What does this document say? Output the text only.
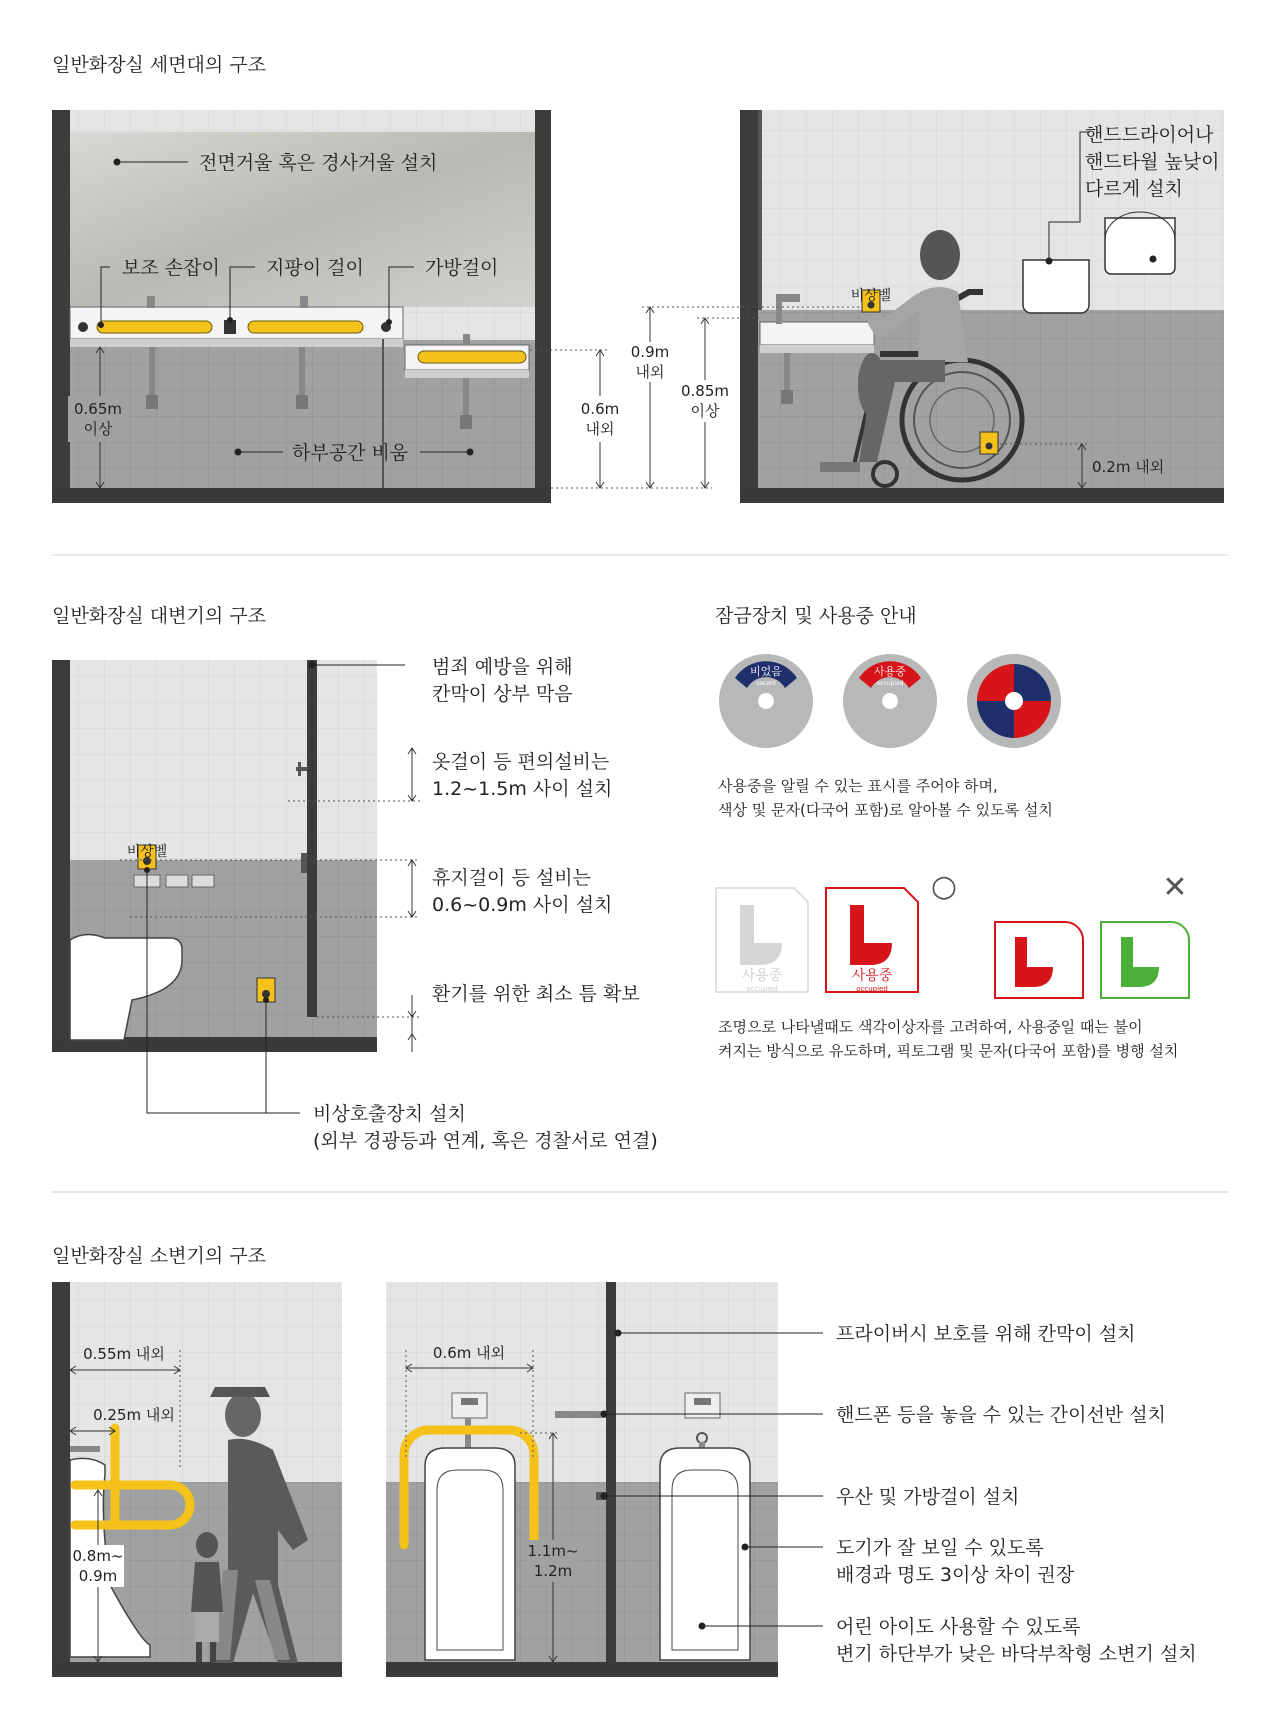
일반화장실 세면대의 구조
일반화장실 대변기의 구조	잠금장치 및 사용중 안내
일반화장실 소변기의 구조
0.65m
이상
0.6m
내외
전면거울 혹은 경사거울 설치
보조 손잡이 지팡이 걸이	가방걸이
하부공간 비움
0.9m
내외
0.85m
이상
비상벨
0.2m 내외
핸드드라이어나
핸드타월 높낮이
다르게 설치
비상벨
범죄 예방을 위해
칸막이 상부 막음
옷걸이 등 편의설비는
1.2~1.5m 사이 설치
휴지걸이 등 설비는
0.6~0.9m 사이 설치
환기를 위한 최소 틈 확보
비상호출장치 설치
(외부 경광등과 연계, 혹은 경찰서로 연결)
비었음
vacant
사용중
occupied
사용중을 알릴 수 있는 표시를 주어야 하며,
색상 및 문자(다국어 포함)로 알아볼 수 있도록 설치
사용중
occupied
사용중
occupied
○	✕
조명으로 나타낼때도 색각이상자를 고려하여, 사용중일 때는 불이
켜지는 방식으로 유도하며, 픽토그램 및 문자(다국어 포함)를 병행 설치
0.55m 내외
0.25m 내외
0.8m~
0.9m
0.6m 내외
1.1m~
1.2m
프라이버시 보호를 위해 칸막이 설치
핸드폰 등을 놓을 수 있는 간이선반 설치
우산 및 가방걸이 설치
도기가 잘 보일 수 있도록
배경과 명도 3이상 차이 권장
어린 아이도 사용할 수 있도록
변기 하단부가 낮은 바닥부착형 소변기 설치
